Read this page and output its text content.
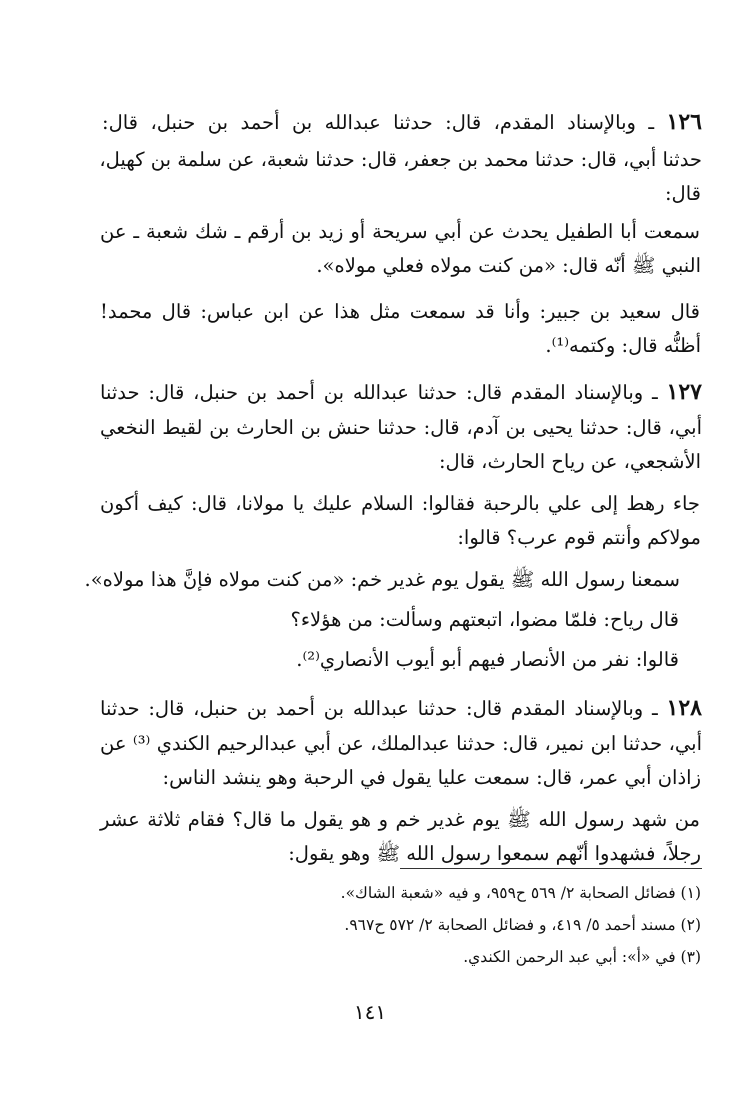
١٢٦ ـ وبالإسناد المقدم، قال: حدثنا عبدالله بن أحمد بن حنبل، قال:
حدثنا أبي، قال: حدثنا محمد بن جعفر، قال: حدثنا شعبة، عن سلمة بن كهيل،
قال:
سمعت أبا الطفيل يحدث عن أبي سريحة أو زيد بن أرقم ـ شك شعبة ـ عن
النبي ﷺ أنّه قال: «من كنت مولاه فعلي مولاه».
قال سعيد بن جبير: وأنا قد سمعت مثل هذا عن ابن عباس: قال محمد!
أظنُّه قال: وكتمه⁽¹⁾.
١٢٧ ـ وبالإسناد المقدم قال: حدثنا عبدالله بن أحمد بن حنبل، قال: حدثنا
أبي، قال: حدثنا يحيى بن آدم، قال: حدثنا حنش بن الحارث بن لقيط النخعي
الأشجعي، عن رياح الحارث، قال:
جاء رهط إلى علي بالرحبة فقالوا: السلام عليك يا مولانا، قال: كيف أكون
مولاكم وأنتم قوم عرب؟ قالوا:
سمعنا رسول الله ﷺ يقول يوم غدير خم: «من كنت مولاه فإنَّ هذا مولاه».
قال رياح: فلمّا مضوا، اتبعتهم وسألت: من هؤلاء؟
قالوا: نفر من الأنصار فيهم أبو أيوب الأنصاري⁽²⁾.
١٢٨ ـ وبالإسناد المقدم قال: حدثنا عبدالله بن أحمد بن حنبل، قال: حدثنا
أبي، حدثنا ابن نمير، قال: حدثنا عبدالملك، عن أبي عبدالرحيم الكندي ⁽³⁾ عن
زاذان أبي عمر، قال: سمعت عليا يقول في الرحبة وهو ينشد الناس:
من شهد رسول الله ﷺ يوم غدير خم و هو يقول ما قال؟ فقام ثلاثة عشر
رجلاً، فشهدوا أنّهم سمعوا رسول الله ﷺ وهو يقول:
(١) فضائل الصحابة ٢/ ٥٦٩ ح٩٥٩، و فيه «شعبة الشاك».
(٢) مسند أحمد ٥/ ٤١٩، و فضائل الصحابة ٢/ ٥٧٢ ح٩٦٧.
(٣) في «أ»: أبي عبد الرحمن الكندي.
١٤١
